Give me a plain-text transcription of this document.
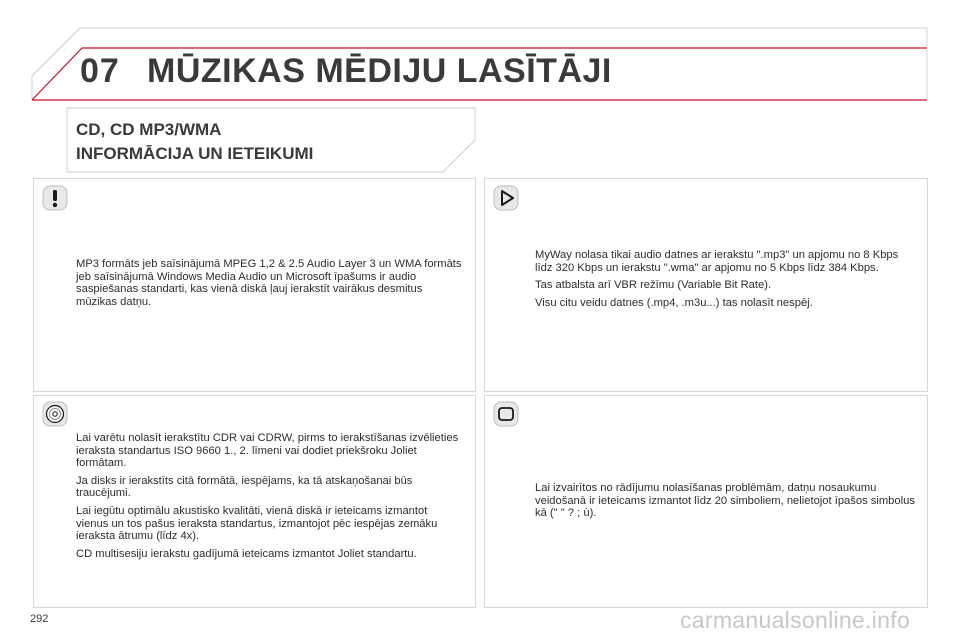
07 MŪZIKAS MĒDIJU LASĪTĀJI
CD, CD MP3/WMA
INFORMĀCIJA UN IETEIKUMI

MP3 formāts jeb saīsinājumā MPEG 1,2 & 2.5 Audio Layer 3 un WMA formāts jeb saīsinājumā Windows Media Audio un Microsoft īpašums ir audio saspiešanas standarti, kas vienā diskā ļauj ierakstīt vairākus desmitus mūzikas datņu.

MyWay nolasa tikai audio datnes ar ierakstu ".mp3" un apjomu no 8 Kbps līdz 320 Kbps un ierakstu ".wma" ar apjomu no 5 Kbps līdz 384 Kbps.

Tas atbalsta arī VBR režīmu (Variable Bit Rate).

Visu citu veidu datnes (.mp4, .m3u...) tas nolasīt nespēj.

Lai varētu nolasīt ierakstītu CDR vai CDRW, pirms to ierakstīšanas izvēlieties ieraksta standartus ISO 9660 1., 2. līmeni vai dodiet priekšroku Joliet formātam.

Ja disks ir ierakstīts citā formātā, iespējams, ka tā atskaņošanai būs traucējumi.

Lai iegūtu optimālu akustisko kvalitāti, vienā diskā ir ieteicams izmantot vienus un tos pašus ieraksta standartus, izmantojot pēc iespējas zemāku ieraksta ātrumu (līdz 4x).

CD multisesiju ierakstu gadījumā ieteicams izmantot Joliet standartu.

Lai izvairītos no rādījumu nolasīšanas problēmām, datņu nosaukumu veidošanā ir ieteicams izmantot līdz 20 simboliem, nelietojot īpašos simbolus kā (" " ? ; ù).

292	carmanualsonline.info
